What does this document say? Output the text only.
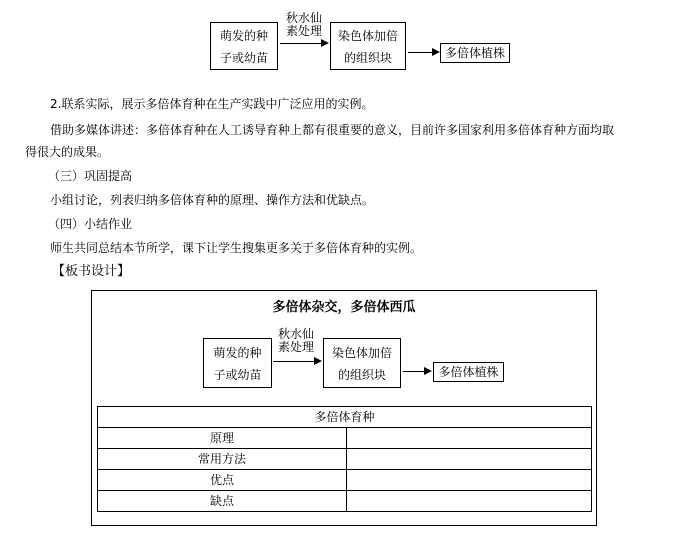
萌发的种
子或幼苗
秋水仙
素处理	染色体加倍
的组织块	多倍体植株
2.联系实际，展示多倍体育种在生产实践中广泛应用的实例。
借助多媒体讲述：多倍体育种在人工诱导育种上都有很重要的意义，目前许多国家利用多倍体育种方面均取
得很大的成果。
（三）巩固提高
小组讨论，列表归纳多倍体育种的原理、操作方法和优缺点。
（四）小结作业
师生共同总结本节所学，课下让学生搜集更多关于多倍体育种的实例。
【板书设计】
多倍体杂交，多倍体西瓜
萌发的种
子或幼苗
秋水仙
素处理	染色体加倍
的组织块	多倍体植株
多倍体育种	
原理	
常用方法	
优点	
缺点	
